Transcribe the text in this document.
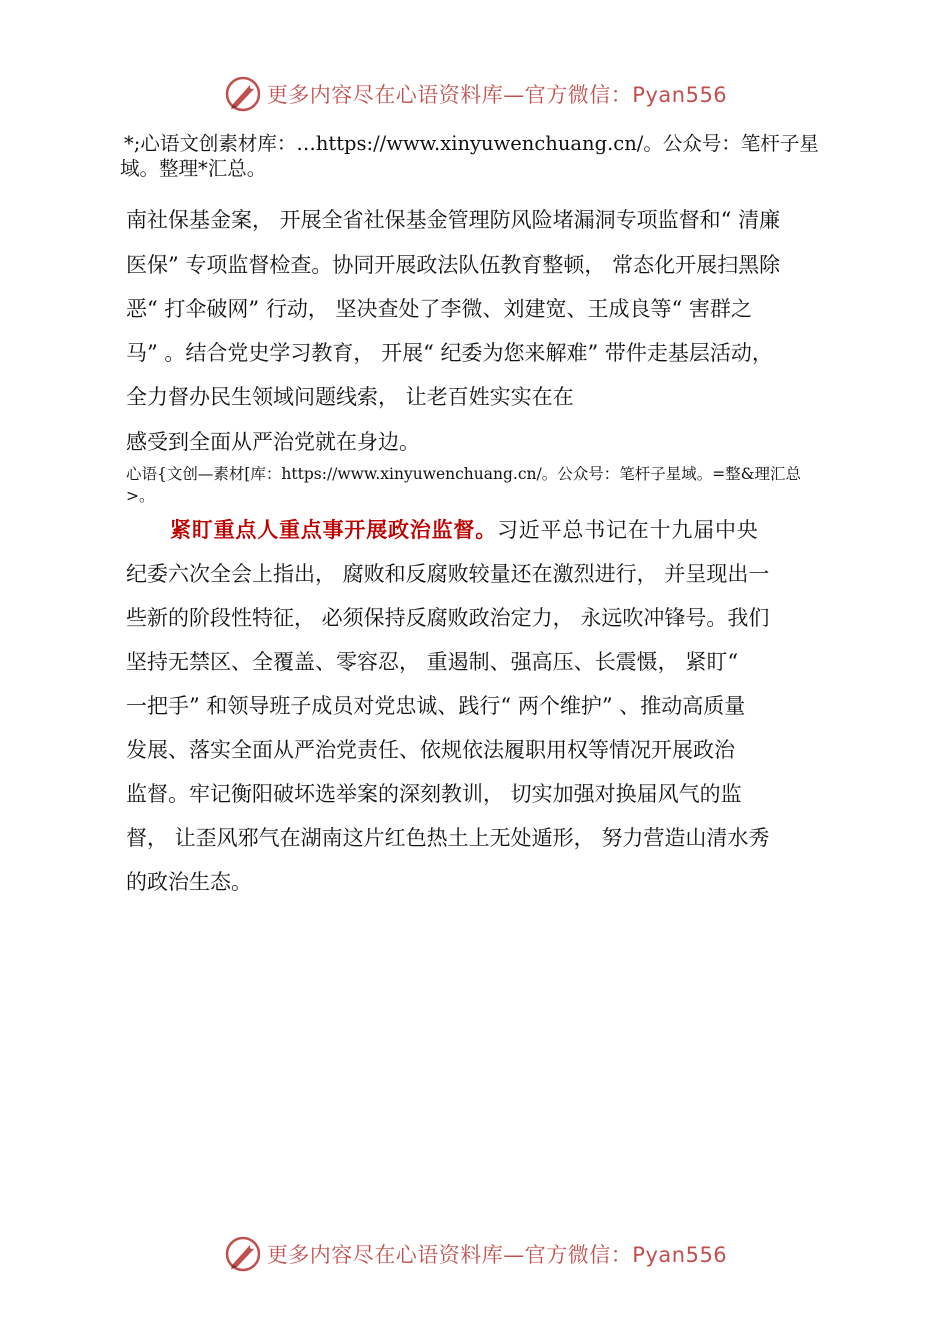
更多内容尽在心语资料库—官方微信：Pyan556
*;心语文创素材库：…https://www.xinyuwenchuang.cn/。公众号：笔杆子星
域。整理*汇总。
南社保基金案， 开展全省社保基金管理防风险堵漏洞专项监督和“ 清廉
医保” 专项监督检查。协同开展政法队伍教育整顿， 常态化开展扫黑除
恶“ 打伞破网” 行动， 坚决查处了李微、刘建宽、王成良等“ 害群之
马” 。结合党史学习教育， 开展“ 纪委为您来解难” 带件走基层活动，
全力督办民生领域问题线索， 让老百姓实实在在
感受到全面从严治党就在身边。
心语{文创—素材[库：https://www.xinyuwenchuang.cn/。公众号：笔杆子星域。=整&理汇总
>。
紧盯重点人重点事开展政治监督。习近平总书记在十九届中央
纪委六次全会上指出， 腐败和反腐败较量还在激烈进行， 并呈现出一
些新的阶段性特征， 必须保持反腐败政治定力， 永远吹冲锋号。我们
坚持无禁区、全覆盖、零容忍， 重遏制、强高压、长震慑， 紧盯“
一把手” 和领导班子成员对党忠诚、践行“ 两个维护” 、推动高质量
发展、落实全面从严治党责任、依规依法履职用权等情况开展政治
监督。牢记衡阳破坏选举案的深刻教训， 切实加强对换届风气的监
督， 让歪风邪气在湖南这片红色热土上无处遁形， 努力营造山清水秀
的政治生态。
更多内容尽在心语资料库—官方微信：Pyan556
